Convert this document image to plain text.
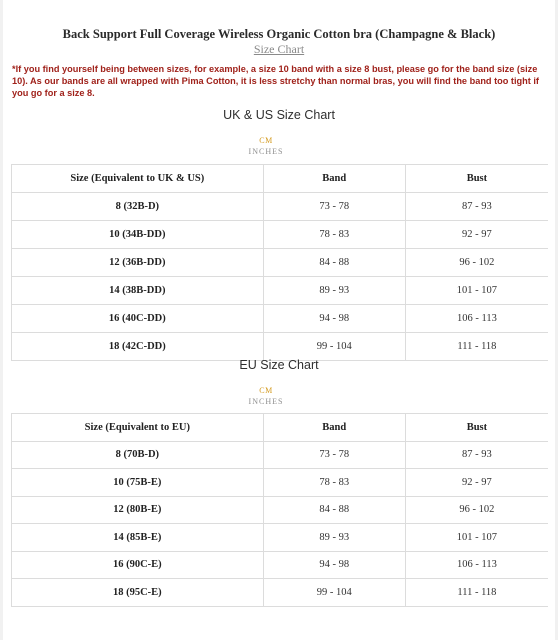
Back Support Full Coverage Wireless Organic Cotton bra (Champagne & Black)
Size Chart
*If you find yourself being between sizes, for example, a size 10 band with a size 8 bust, please go for the band size (size 10). As our bands are all wrapped with Pima Cotton, it is less stretchy than normal bras, you will find the band too tight if you go for a size 8.
UK & US Size Chart
CM
INCHES
Size (Equivalent to UK & US)	Band	Bust
8 (32B-D)	73 - 78	87 - 93
10 (34B-DD)	78 - 83	92 - 97
12 (36B-DD)	84 - 88	96 - 102
14 (38B-DD)	89 - 93	101 - 107
16 (40C-DD)	94 - 98	106 - 113
18 (42C-DD)	99 - 104	111 - 118
EU Size Chart
CM
INCHES
Size (Equivalent to EU)	Band	Bust
8 (70B-D)	73 - 78	87 - 93
10 (75B-E)	78 - 83	92 - 97
12 (80B-E)	84 - 88	96 - 102
14 (85B-E)	89 - 93	101 - 107
16 (90C-E)	94 - 98	106 - 113
18 (95C-E)	99 - 104	111 - 118
